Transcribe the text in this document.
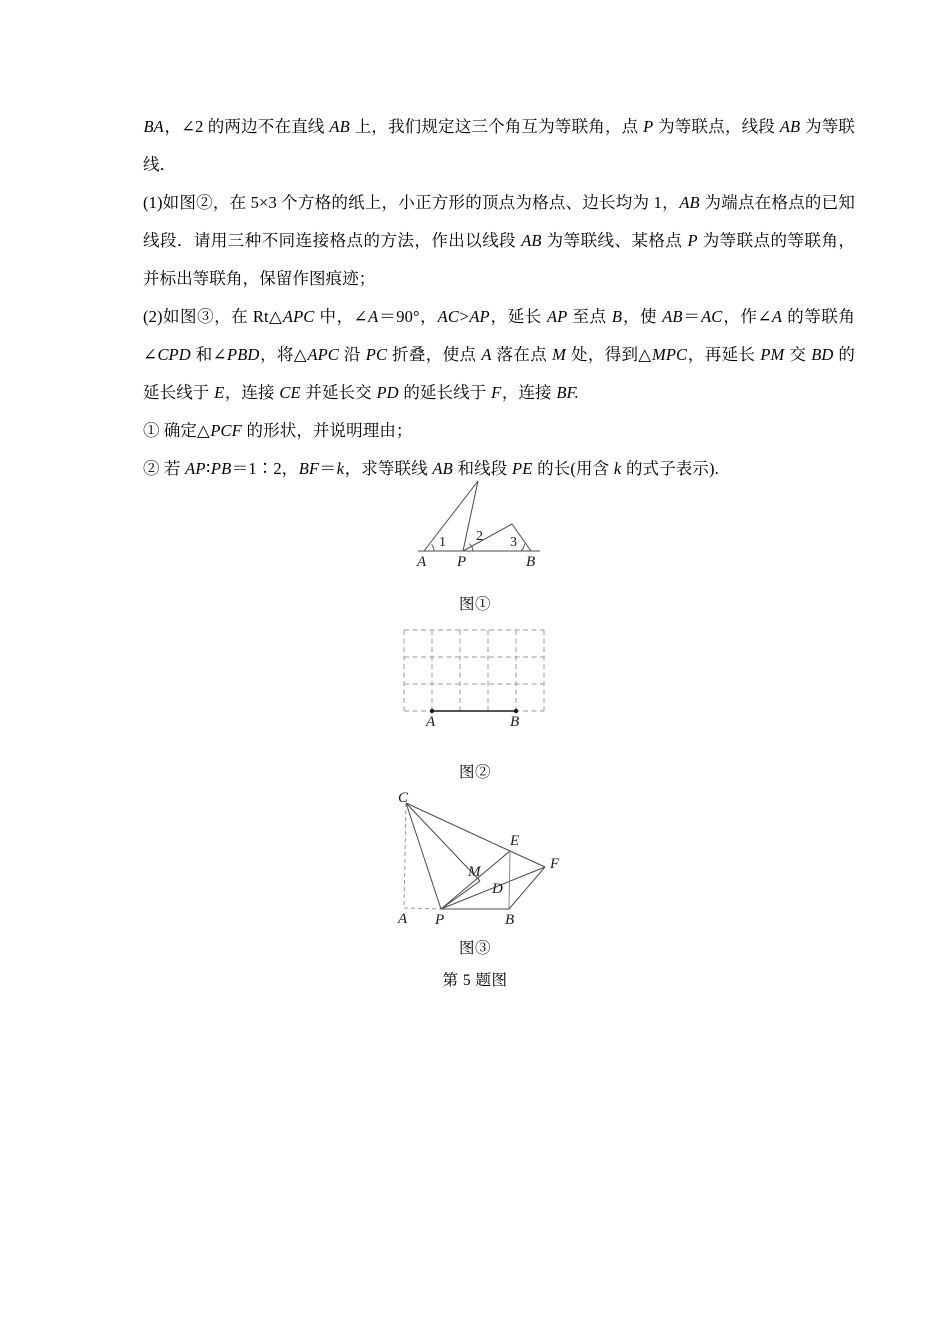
BA，∠2 的两边不在直线 AB 上，我们规定这三个角互为等联角，点 P 为等联点，线段 AB 为等联线．
(1)如图②，在 5×3 个方格的纸上，小正方形的顶点为格点、边长均为 1，AB 为端点在格点的已知线段．请用三种不同连接格点的方法，作出以线段 AB 为等联线、某格点 P 为等联点的等联角，并标出等联角，保留作图痕迹；
(2)如图③，在 Rt△APC 中，∠A＝90°，AC>AP，延长 AP 至点 B，使 AB＝AC，作∠A 的等联角∠CPD 和∠PBD，将△APC 沿 PC 折叠，使点 A 落在点 M 处，得到△MPC，再延长 PM 交 BD 的延长线于 E，连接 CE 并延长交 PD 的延长线于 F，连接 BF.
① 确定△PCF 的形状，并说明理由；
② 若 AP∶PB＝1∶2，BF＝k，求等联线 AB 和线段 PE 的长(用含 k 的式子表示).
A P	B
1 2 3
图①
A	B
图②
C
A P	B
D
E
F
M
图③
第 5 题图
